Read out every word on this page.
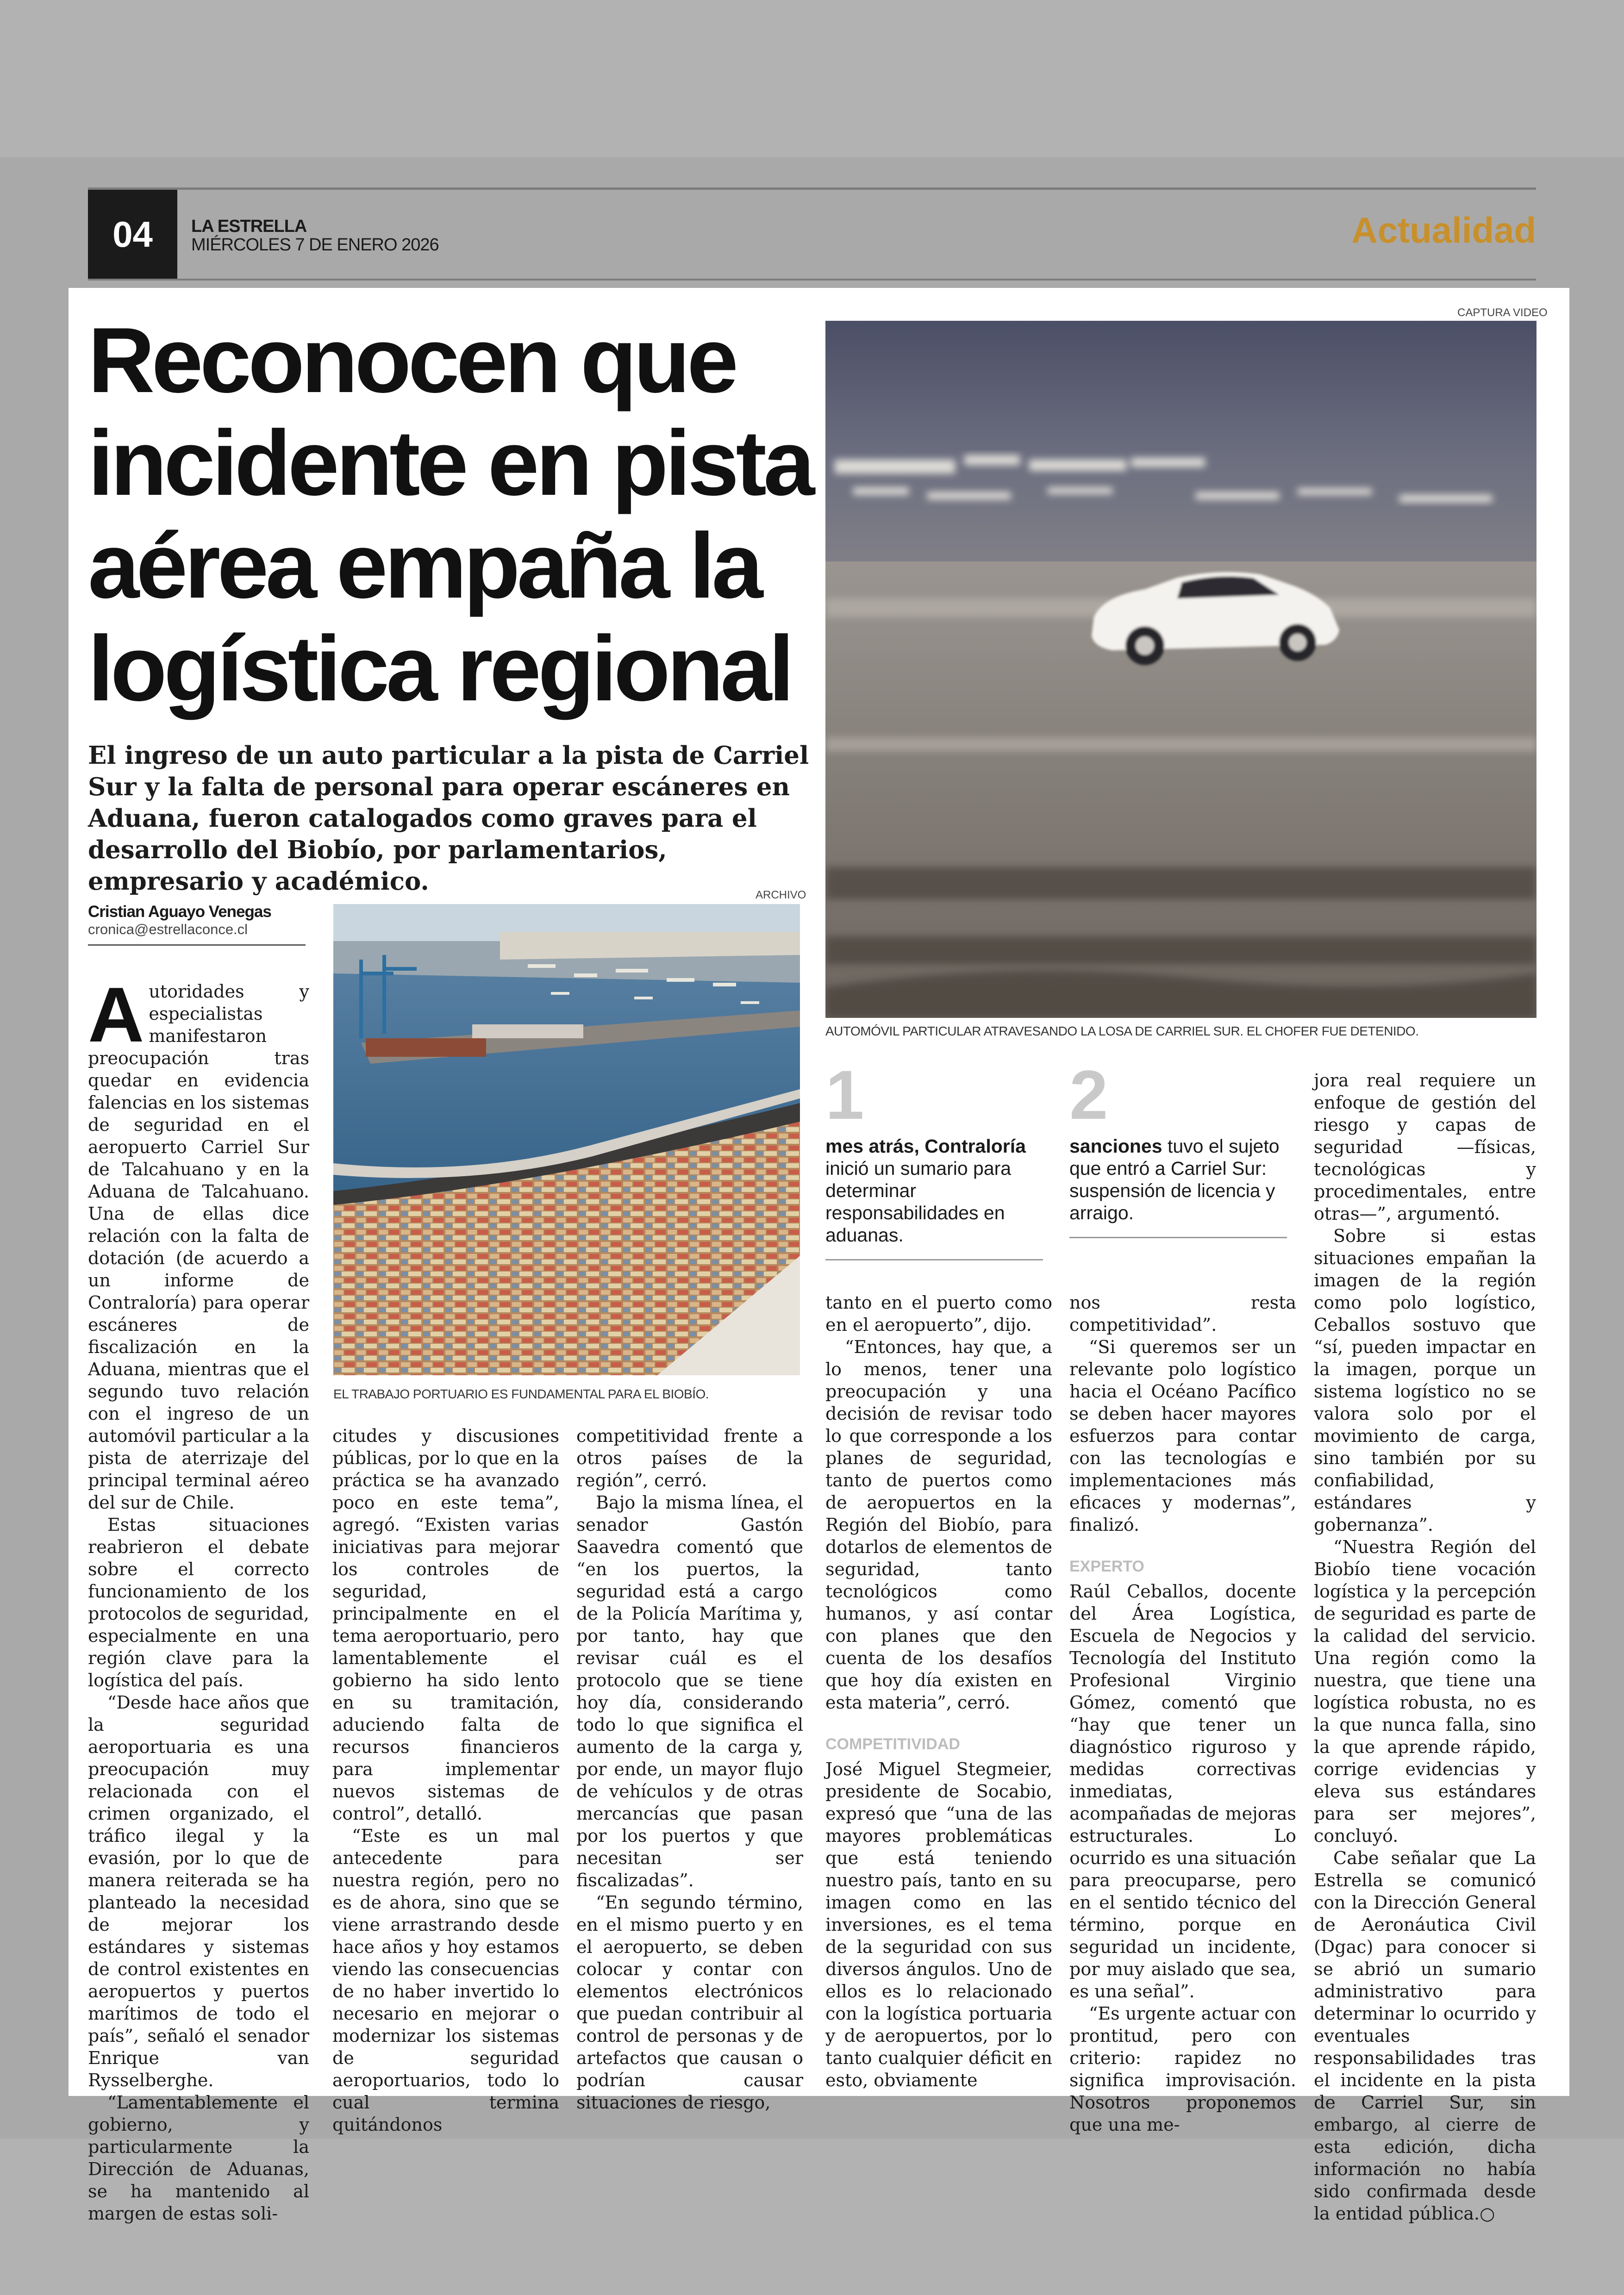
04	LA ESTRELLA
MIÉRCOLES 7 DE ENERO 2026	Actualidad
Reconocen que incidente en pista aérea empaña la logística regional

El ingreso de un auto particular a la pista de Carriel Sur y la falta de personal para operar escáneres en Aduana, fueron catalogados como graves para el desarrollo del Biobío, por parlamentarios, empresario y académico.

Cristian Aguayo Venegas
cronica@estrellaconce.cl
CAPTURA VIDEO
AUTOMÓVIL PARTICULAR ATRAVESANDO LA LOSA DE CARRIEL SUR. EL CHOFER FUE DETENIDO.
ARCHIVO
EL TRABAJO PORTUARIO ES FUNDAMENTAL PARA EL BIOBÍO.
1
mes atrás, Contraloría inició un sumario para determinar responsabilidades en aduanas.
2
sanciones tuvo el sujeto que entró a Carriel Sur: suspensión de licencia y arraigo.

Autoridades y especialistas manifestaron preocupación tras quedar en evidencia falencias en los sistemas de seguridad en el aeropuerto Carriel Sur de Talcahuano y en la Aduana de Talcahuano. Una de ellas dice relación con la falta de dotación (de acuerdo a un informe de Contraloría) para operar escáneres de fiscalización en la Aduana, mientras que el segundo tuvo relación con el ingreso de un automóvil particular a la pista de aterrizaje del principal terminal aéreo del sur de Chile.

Estas situaciones reabrieron el debate sobre el correcto funcionamiento de los protocolos de seguridad, especialmente en una región clave para la logística del país.

“Desde hace años que la seguridad aeroportuaria es una preocupación muy relacionada con el crimen organizado, el tráfico ilegal y la evasión, por lo que de manera reiterada se ha planteado la necesidad de mejorar los estándares y sistemas de control existentes en aeropuertos y puertos marítimos de todo el país”, señaló el senador Enrique van Rysselberghe.

“Lamentablemente el gobierno, y particularmente la Dirección de Aduanas, se ha mantenido al margen de estas soli-

citudes y discusiones públicas, por lo que en la práctica se ha avanzado poco en este tema”, agregó. “Existen varias iniciativas para mejorar los controles de seguridad, principalmente en el tema aeroportuario, pero lamentablemente el gobierno ha sido lento en su tramitación, aduciendo falta de recursos financieros para implementar nuevos sistemas de control”, detalló.

“Este es un mal antecedente para nuestra región, pero no es de ahora, sino que se viene arrastrando desde hace años y hoy estamos viendo las consecuencias de no haber invertido lo necesario en mejorar o modernizar los sistemas de seguridad aeroportuarios, todo lo cual termina quitándonos

competitividad frente a otros países de la región”, cerró.

Bajo la misma línea, el senador Gastón Saavedra comentó que “en los puertos, la seguridad está a cargo de la Policía Marítima y, por tanto, hay que revisar cuál es el protocolo que se tiene hoy día, considerando todo lo que significa el aumento de la carga y, por ende, un mayor flujo de vehículos y de otras mercancías que pasan por los puertos y que necesitan ser fiscalizadas”.

“En segundo término, en el mismo puerto y en el aeropuerto, se deben colocar y contar con elementos electrónicos que puedan contribuir al control de personas y de artefactos que causan o podrían causar situaciones de riesgo,

tanto en el puerto como en el aeropuerto”, dijo.

“Entonces, hay que, a lo menos, tener una preocupación y una decisión de revisar todo lo que corresponde a los planes de seguridad, tanto de puertos como de aeropuertos en la Región del Biobío, para dotarlos de elementos de seguridad, tanto tecnológicos como humanos, y así contar con planes que den cuenta de los desafíos que hoy día existen en esta materia”, cerró.

COMPETITIVIDAD

José Miguel Stegmeier, presidente de Socabio, expresó que “una de las mayores problemáticas que está teniendo nuestro país, tanto en su imagen como en las inversiones, es el tema de la seguridad con sus diversos ángulos. Uno de ellos es lo relacionado con la logística portuaria y de aeropuertos, por lo tanto cualquier déficit en esto, obviamente

nos resta competitividad”.

“Si queremos ser un relevante polo logístico hacia el Océano Pacífico se deben hacer mayores esfuerzos para contar con las tecnologías e implementaciones más eficaces y modernas”, finalizó.

EXPERTO

Raúl Ceballos, docente del Área Logística, Escuela de Negocios y Tecnología del Instituto Profesional Virginio Gómez, comentó que “hay que tener un diagnóstico riguroso y medidas correctivas inmediatas, acompañadas de mejoras estructurales. Lo ocurrido es una situación para preocuparse, pero en el sentido técnico del término, porque en seguridad un incidente, por muy aislado que sea, es una señal”.

“Es urgente actuar con prontitud, pero con criterio: rapidez no significa improvisación. Nosotros proponemos que una me-

jora real requiere un enfoque de gestión del riesgo y capas de seguridad —físicas, tecnológicas y procedimentales, entre otras—”, argumentó.

Sobre si estas situaciones empañan la imagen de la región como polo logístico, Ceballos sostuvo que “sí, pueden impactar en la imagen, porque un sistema logístico no se valora solo por el movimiento de carga, sino también por su confiabilidad, estándares y gobernanza”.

“Nuestra Región del Biobío tiene vocación logística y la percepción de seguridad es parte de la calidad del servicio. Una región como la nuestra, que tiene una logística robusta, no es la que nunca falla, sino la que aprende rápido, corrige evidencias y eleva sus estándares para ser mejores”, concluyó.

Cabe señalar que La Estrella se comunicó con la Dirección General de Aeronáutica Civil (Dgac) para conocer si se abrió un sumario administrativo para determinar lo ocurrido y eventuales responsabilidades tras el incidente en la pista de Carriel Sur, sin embargo, al cierre de esta edición, dicha información no había sido confirmada desde la entidad pública.○
